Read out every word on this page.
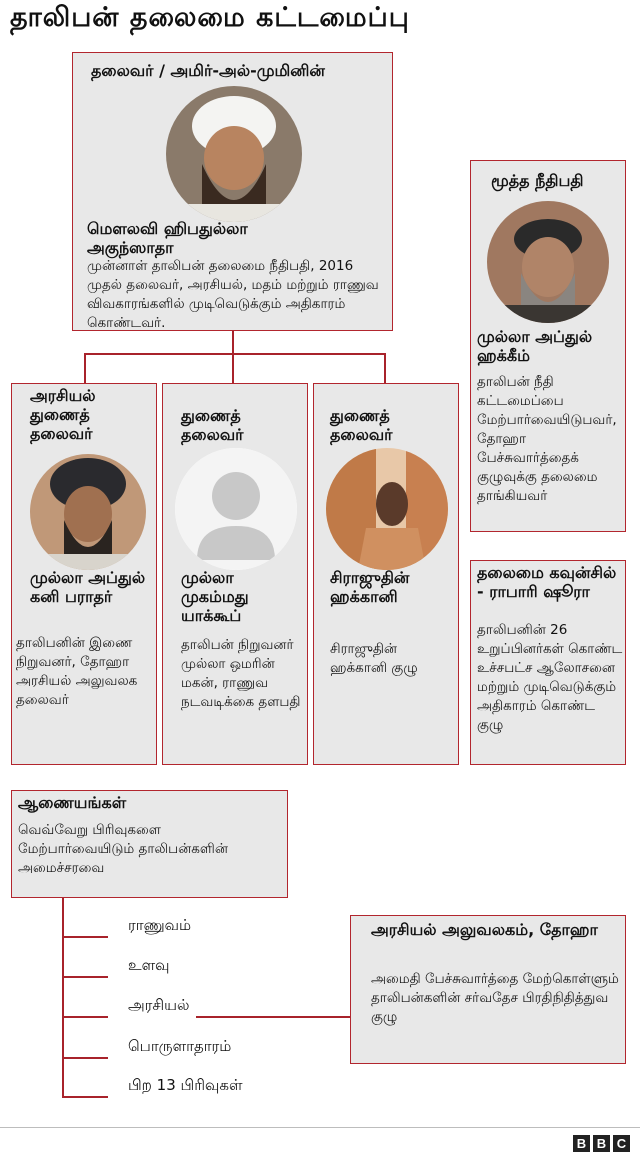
தாலிபன் தலைமை கட்டமைப்பு
தலைவர் / அமிர்-அல்-முமினின்
மௌலவி ஹிபதுல்லா அகுந்ஸாதா
முன்னாள் தாலிபன் தலைமை நீதிபதி, 2016 முதல் தலைவர், அரசியல், மதம் மற்றும் ராணுவ விவகாரங்களில் முடிவெடுக்கும் அதிகாரம் கொண்டவர்.
மூத்த நீதிபதி
முல்லா அப்துல் ஹக்கீம்
தாலிபன் நீதி கட்டமைப்பை மேற்பார்வையிடுபவர், தோஹா பேச்சுவார்த்தைக் குழுவுக்கு தலைமை தாங்கியவர்
அரசியல் துணைத் தலைவர்
முல்லா அப்துல் கனி பராதர்
தாலிபனின் இணை நிறுவனர், தோஹா அரசியல் அலுவலக தலைவர்
துணைத் தலைவர்
முல்லா முகம்மது யாக்கூப்
தாலிபன் நிறுவனர் முல்லா ஒமரின் மகன், ராணுவ நடவடிக்கை தளபதி
துணைத் தலைவர்
சிராஜுதின் ஹக்கானி
சிராஜுதின் ஹக்கானி குழு
தலைமை கவுன்சில் - ராபாரி ஷூரா
தாலிபனின் 26 உறுப்பினர்கள் கொண்ட உச்சபட்ச ஆலோசனை மற்றும் முடிவெடுக்கும் அதிகாரம் கொண்ட குழு
ஆணையங்கள்
வெவ்வேறு பிரிவுகளை மேற்பார்வையிடும் தாலிபன்களின் அமைச்சரவை
ராணுவம்
உளவு
அரசியல்
பொருளாதாரம்
பிற 13 பிரிவுகள்
அரசியல் அலுவலகம், தோஹா
அமைதி பேச்சுவார்த்தை மேற்கொள்ளும் தாலிபன்களின் சர்வதேச பிரதிநிதித்துவ குழு
B B C
